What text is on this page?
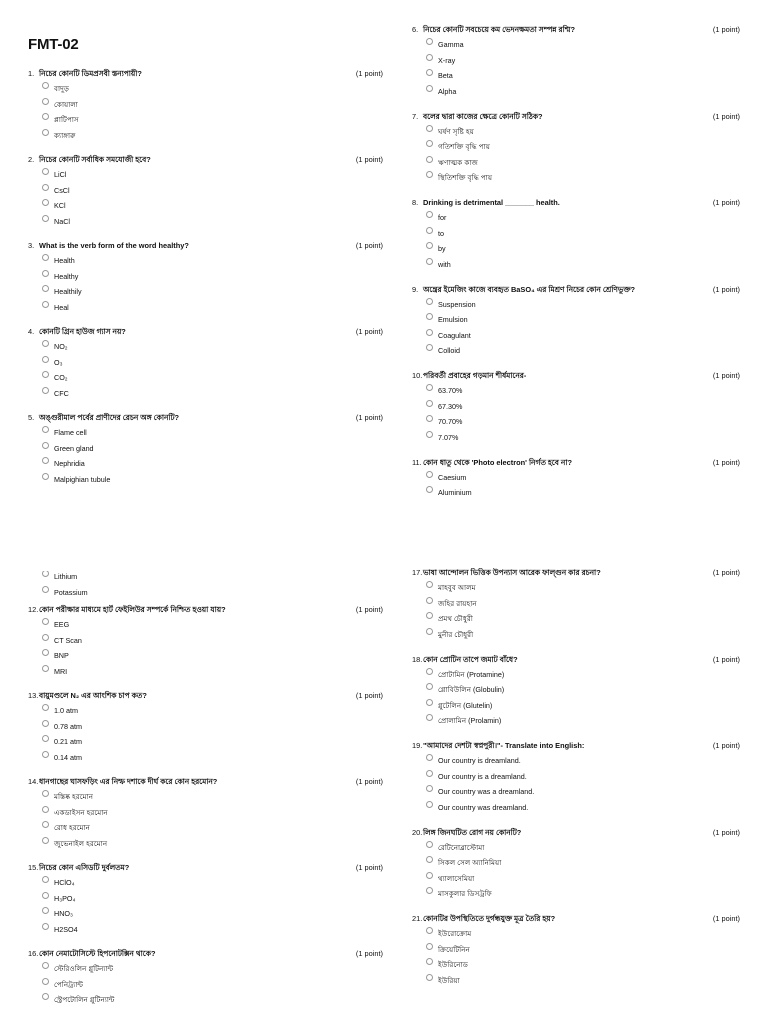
FMT-02
1. নিচের কোনটি ডিমপ্রসবী স্তন্যপায়ী?	(1 point)
বাদুড়
কোয়ালা
প্লাটিপাস
ক্যাঙ্গারু
2. নিচের কোনটি সর্বাধিক সমযোজী হবে?	(1 point)
LiCl
CsCl
KCl
NaCl
3. What is the verb form of the word healthy?	(1 point)
Health
Healthy
Healthily
Heal
4. কোনটি গ্রিন হাউজ গ্যাস নয়?	(1 point)
NO₂
O₃
CO₂
CFC
5. অঙ্গুরীমাল পর্বের প্রাণীদের রেচন অঙ্গ কোনটি?	(1 point)
Flame cell
Green gland
Nephridia
Malpighian tubule
6. নিচের কোনটি সবচেয়ে কম ভেদনক্ষমতা সম্পন্ন রশ্মি?	(1 point)
Gamma
X-ray
Beta
Alpha
7. বলের দ্বারা কাজের ক্ষেত্রে কোনটি সঠিক?	(1 point)
ঘর্ষণ সৃষ্টি হয়
গতিশক্তি বৃদ্ধি পায়
ঋণাত্মক কাজ
স্থিতিশক্তি বৃদ্ধি পায়
8. Drinking is detrimental _______ health.	(1 point)
for
to
by
with
9. অন্ত্রের ইমেজিং কাজে ব্যবহৃত BaSO₄ এর মিশ্রণ নিচের কোন শ্রেণিভুক্ত?	(1 point)
Suspension
Emulsion
Coagulant
Colloid
10. পরিবর্তী প্রবাহের গড়মান শীর্ষমানের-	(1 point)
63.70%
67.30%
70.70%
7.07%
11. কোন ধাতু থেকে 'Photo electron' নির্গত হবে না?	(1 point)
Caesium
Aluminium
Lithium
Potassium
12. কোন পরীক্ষার মাধ্যমে হার্ট ফেইলিউর সম্পর্কে নিশ্চিত হওয়া যায়?	(1 point)
EEG
CT Scan
BNP
MRI
13. বায়ুমণ্ডলে N₂ এর আংশিক চাপ কত?	(1 point)
1.0 atm
0.78 atm
0.21 atm
0.14 atm
14. ধানগাছের ঘাসফড়িং এর নিম্ফ দশাকে দীর্ঘ করে কোন হরমোন?	(1 point)
মস্তিষ্ক হরমোন
একডাইসন হরমোন
রোধ হরমোন
জুভেনাইল হরমোন
15. নিচের কোন এসিডটি দুর্বলতম?	(1 point)
HClO₄
H₃PO₄
HNO₃
H2SO4
16. কোন নেমাটোসিস্টে হিপনোটক্সিন থাকে?	(1 point)
স্টেরিওলিন গ্লুটিন্যান্ট
পেনিট্র্যান্ট
স্ট্রেপটোলিন গ্লুটিন্যান্ট
17. ভাষা আন্দোলন ভিত্তিক উপন্যাস আরেক ফাল্গুন কার রচনা?	(1 point)
মাহবুব আলম
জহির রায়হান
প্রমথ চৌধুরী
মুনীর চৌধুরী
18. কোন প্রোটিন তাপে জমাট বাঁধে?	(1 point)
প্রোটামিন (Protamine)
গ্লোবিউলিন (Globulin)
গ্লুটেলিন (Glutelin)
প্রোলামিন (Prolamin)
19. "আমাদের দেশটা স্বপ্নপুরী।"- Translate into English:	(1 point)
Our country is dreamland.
Our country is a dreamland.
Our country was a dreamland.
Our country was dreamland.
20. লিঙ্গ জিনঘটিত রোগ নয় কোনটি?	(1 point)
রেটিনোব্লাস্টোমা
সিকল সেল অ্যানিমিয়া
থ্যালাসেমিয়া
মাসকুলার ডিসট্রফি
21. কোনটির উপস্থিতিতে দুর্গন্ধযুক্ত মূত্র তৈরি হয়?	(1 point)
ইউরোক্রোম
ক্রিয়েটিনিন
ইউরিনোড
ইউরিয়া
